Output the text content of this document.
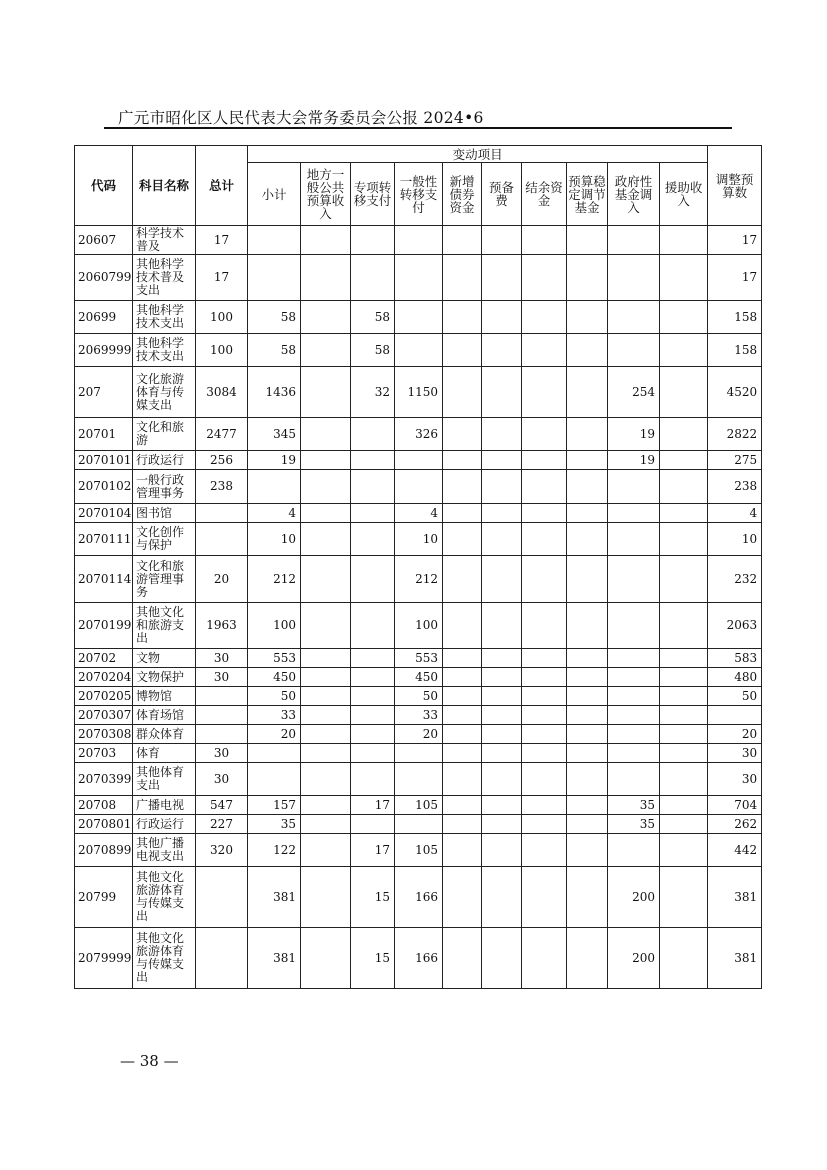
广元市昭化区人民代表大会常务委员会公报 2024•6
代码	科目名称	总计	变动项目										调整预算数
			小计	地方一般公共预算收入	专项转移支付	一般性转移支付	新增债券资金	预备费	结余资金	预算稳定调节基金	政府性基金调入	援助收入	
20607	科学技术普及	17											17
2060799	其他科学技术普及支出	17											17
20699	其他科学技术支出	100	58		58								158
2069999	其他科学技术支出	100	58		58								158
207	文化旅游体育与传媒支出	3084	1436		32	1150					254		4520
20701	文化和旅游	2477	345			326					19		2822
2070101	行政运行	256	19								19		275
2070102	一般行政管理事务	238											238
2070104	图书馆		4			4							4
2070111	文化创作与保护		10			10							10
2070114	文化和旅游管理事务	20	212			212							232
2070199	其他文化和旅游支出	1963	100			100							2063
20702	文物	30	553			553							583
2070204	文物保护	30	450			450							480
2070205	博物馆		50			50							50
2070307	体育场馆		33			33							
2070308	群众体育		20			20							20
20703	体育	30											30
2070399	其他体育支出	30											30
20708	广播电视	547	157		17	105					35		704
2070801	行政运行	227	35								35		262
2070899	其他广播电视支出	320	122		17	105							442
20799	其他文化旅游体育与传媒支出		381		15	166					200		381
2079999	其他文化旅游体育与传媒支出		381		15	166					200		381
— 38 —
